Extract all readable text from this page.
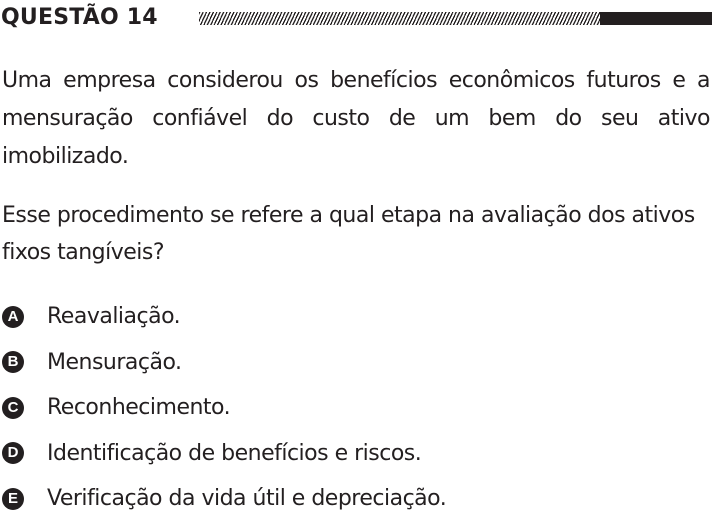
QUESTÃO 14

Uma empresa considerou os benefícios econômicos futuros e a mensuração confiável do custo de um bem do seu ativo imobilizado.

Esse procedimento se refere a qual etapa na avaliação dos ativos fixos tangíveis?

A Reavaliação.
B Mensuração.
C Reconhecimento.
D Identificação de benefícios e riscos.
E Verificação da vida útil e depreciação.
